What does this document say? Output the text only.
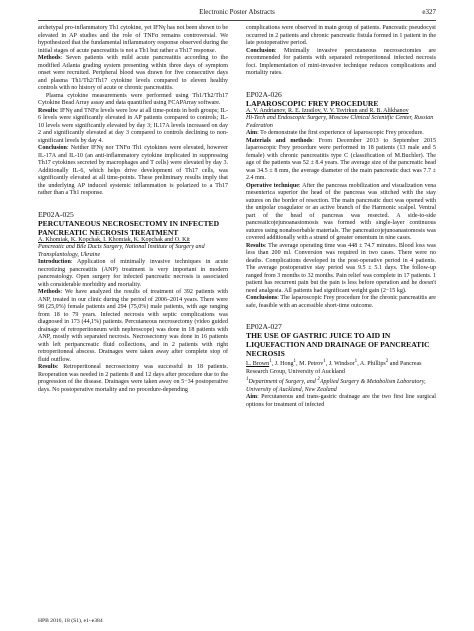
Electronic Poster Abstracts	e327

archetypal pro-inflammatory Th1 cytokine, yet IFNγ has not been shown to be elevated in AP studies and the role of TNFα remains controversial. We hypothesized that the fundamental inflammatory response observed during the initial stages of acute pancreatitis is not a Th1 but rather a Th17 response.

Methods: Seven patients with mild acute pancreatitis according to the modified Atlanta grading system presenting within three days of symptom onset were recruited. Peripheral blood was drawn for five consecutive days and plasma Th1/Th2/Th17 cytokine levels compared to eleven healthy controls with no history of acute or chronic pancreatitis.

Plasma cytokine measurements were performed using Th1/Th2/Th17 Cytokine Bead Array assay and data quantified using FCAPArray software.

Results: IFNγ and TNFα levels were low at all time-points in both groups; IL-6 levels were significantly elevated in AP patients compared to controls; IL-10 levels were significantly elevated by day 3; IL17A levels increased on day 2 and significantly elevated at day 3 compared to controls declining to non-significant levels by day 4.

Conclusion: Neither IFNγ nor TNFα Th1 cytokines were elevated, however IL-17A and IL-10 (an anti-inflammatory cytokine implicated in suppressing Th17 cytokines secreted by macrophages and T cells) were elevated by day 3. Additionally IL-6, which helps drive development of Th17 cells, was significantly elevated at all time-points. These preliminary results imply that the underlying AP induced systemic inflammation is polarized to a Th17 rather than a Th1 response.

EP02A-025
PERCUTANEOUS NECROSECTOMY IN INFECTED PANCREATIC NECROSIS TREATMENT

A. Khomiak, K. Kopchak, I. Khomiak, K. Kopchak and O. Kit

Pancreatic and Bile Ducts Surgery, National Institute of Surgery and Transplantology, Ukraine

Introduction: Application of minimally invasive techniques in acute necrotizing pancreatitis (ANP) treatment is very important in modern pancreatology. Open surgery for infected pancreatic necrosis is associated with considerable morbidity and mortality.

Methods: We have analyzed the results of treatment of 392 patients with ANP, treated in our clinic during the period of 2006–2014 years. There were 98 (25,0%) female patients and 294 (75,0%) male patients, with age ranging from 18 to 79 years. Infected necrosis with septic complications was diagnosed in 173 (44,1%) patients. Percutaneous necrosectomy (video guided drainage of retroperitoneum with nephroscope) was done in 18 patients with ANP, mostly with separated necrosis. Necrosectomy was done in 16 patients with left peripancreatic fluid collections, and in 2 patients with right retroperitoneal abscess. Drainages were taken away after complete stop of fluid outflow.

Results: Retroperitoneal necrosectomy was successful in 18 patients. Reoperation was needed in 2 patients 8 and 12 days after procedure due to the progression of the disease. Drainages were taken away on 5−34 postoperative days. No postoperative mortality and no procedure-depending

complications were observed in main group of patients. Pancreatic pseudocyst occurred in 2 patients and chronic pancreatic fistula formed in 1 patient in the late postoperative period.

Conclusion: Minimally invasive percutaneous necrosectomies are recommended for patients with separated retroperitoneal infected necrosis foci. Implementation of mini-invasive technique reduces complications and mortality rates.

EP02A-026
LAPAROSCOPIC FREY PROCEDURE

A. V. Andrianov, R. E. Izrailov, V. V. Tsvirkun and R. B. Alikhanov

Hi-Tech and Endoscopic Surgery, Moscow Clinical Scientific Center, Russian Federation

Aim: To demonstrate the first experience of laparoscopic Frey procedure.

Materials and methods: From December 2013 to September 2015 laparoscopic Frey procedure were performed in 18 patients (13 male and 5 female) with chronic pancreatitis type C (classification of M.Buchler). The age of the patients was 52 ± 8.4 years. The average size of the pancreatic head was 34.5 ± 8 mm, the average diameter of the main pancreatic duct was 7.7 ± 2.4 mm.

Operative technique: After the pancreas mobilization and visualization vena mesenterica superior the head of the pancreas was stitched with the stay sutures on the border of resection. The main pancreatic duct was opened with the unipolar coagulator or an active branch of the Harmonic scalpel. Ventral part of the head of pancreas was resected. A side-to-side pancreaticojejunoanastomosis was formed with single-layer continuous sutures using nonabsorbable materials. The pancreaticojejunoanastomosis was covered additionally with a strand of greater omentum in nine cases.

Results: The average operating time was 448 ± 74.7 minutes. Blood loss was less than 200 ml. Conversion was required in two cases. There were no deaths. Complications developed in the post-operative period in 4 patients. The average postoperative stay period was 9.5 ± 5.1 days. The follow-up ranged from 3 months to 32 months. Pain relief was complete in 17 patients. 1 patient has recurrent pain but the pain is less before operation and he doesn't need analgesia. All patients had significant weight gain (2−15 kg).

Conclusions: The laparoscopic Frey procedure for the chronic pancreatitis are safe, feasible with an accessible short-time outcome.

EP02A-027
THE USE OF GASTRIC JUICE TO AID IN LIQUEFACTION AND DRAINAGE OF PANCREATIC NECROSIS

L. Brown$^1$, J. Hong$^1$, M. Petrov$^1$, J. Windsor$^1$, A. Phillips$^2$ and Pancreas Research Group, University of Auckland

$^1$Department of Surgery, and $^2$Applied Surgery & Metabolism Laboratory, University of Auckland, New Zealand

Aim: Percutaneous and trans-gastric drainage are the two first line surgical options for treatment of infected

HPB 2016, 18 (S1), e1–e384
